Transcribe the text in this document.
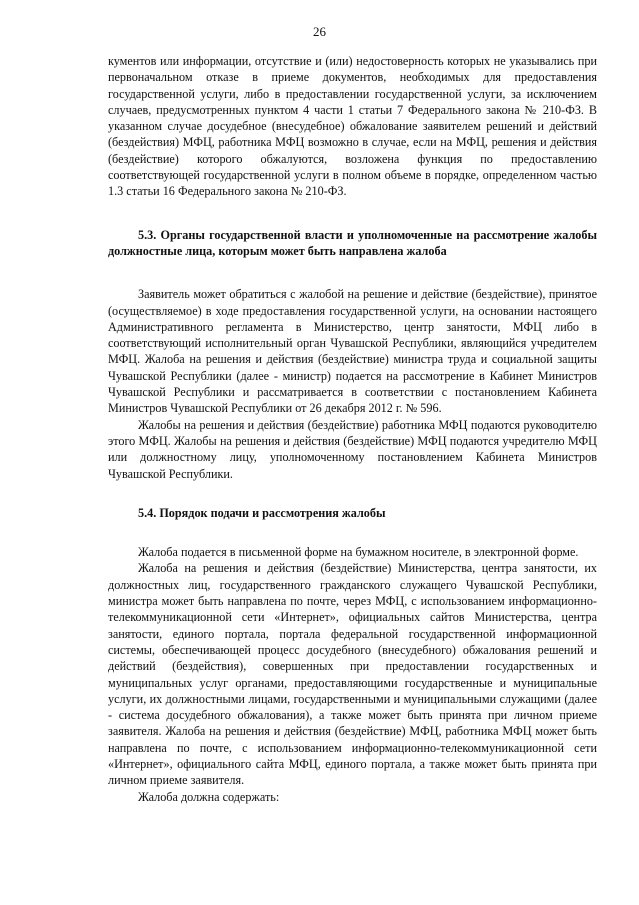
26

кументов или информации, отсутствие и (или) недостоверность которых не указывались при первоначальном отказе в приеме документов, необходимых для предоставления государственной услуги, либо в предоставлении государственной услуги, за исключением случаев, предусмотренных пунктом 4 части 1 статьи 7 Федерального закона № 210-ФЗ. В указанном случае досудебное (внесудебное) обжалование заявителем решений и действий (бездействия) МФЦ, работника МФЦ возможно в случае, если на МФЦ, решения и действия (бездействие) которого обжалуются, возложена функция по предоставлению соответствующей государственной услуги в полном объеме в порядке, определенном частью 1.3 статьи 16 Федерального закона № 210-ФЗ.

5.3. Органы государственной власти и уполномоченные на рассмотрение жалобы должностные лица, которым может быть направлена жалоба

Заявитель может обратиться с жалобой на решение и действие (бездействие), принятое (осуществляемое) в ходе предоставления государственной услуги, на основании настоящего Административного регламента в Министерство, центр занятости, МФЦ либо в соответствующий исполнительный орган Чувашской Республики, являющийся учредителем МФЦ. Жалоба на решения и действия (бездействие) министра труда и социальной защиты Чувашской Республики (далее - министр) подается на рассмотрение в Кабинет Министров Чувашской Республики и рассматривается в соответствии с постановлением Кабинета Министров Чувашской Республики от 26 декабря 2012 г. № 596.

Жалобы на решения и действия (бездействие) работника МФЦ подаются руководителю этого МФЦ. Жалобы на решения и действия (бездействие) МФЦ подаются учредителю МФЦ или должностному лицу, уполномоченному постановлением Кабинета Министров Чувашской Республики.

5.4. Порядок подачи и рассмотрения жалобы

Жалоба подается в письменной форме на бумажном носителе, в электронной форме.

Жалоба на решения и действия (бездействие) Министерства, центра занятости, их должностных лиц, государственного гражданского служащего Чувашской Республики, министра может быть направлена по почте, через МФЦ, с использованием информационно-телекоммуникационной сети «Интернет», официальных сайтов Министерства, центра занятости, единого портала, портала федеральной государственной информационной системы, обеспечивающей процесс досудебного (внесудебного) обжалования решений и действий (бездействия), совершенных при предоставлении государственных и муниципальных услуг органами, предоставляющими государственные и муниципальные услуги, их должностными лицами, государственными и муниципальными служащими (далее - система досудебного обжалования), а также может быть принята при личном приеме заявителя. Жалоба на решения и действия (бездействие) МФЦ, работника МФЦ может быть направлена по почте, с использованием информационно-телекоммуникационной сети «Интернет», официального сайта МФЦ, единого портала, а также может быть принята при личном приеме заявителя.

Жалоба должна содержать:
